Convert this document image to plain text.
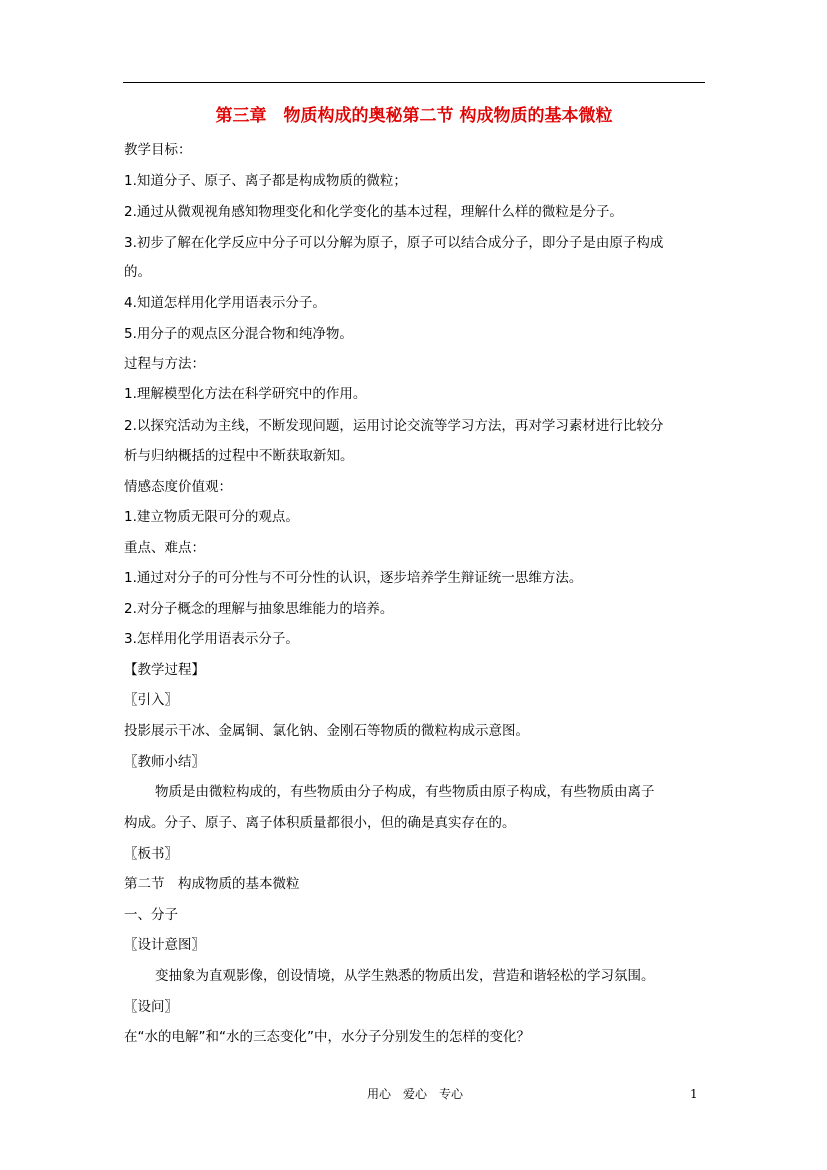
第三章　物质构成的奥秘第二节 构成物质的基本微粒
教学目标：
1.知道分子、原子、离子都是构成物质的微粒；
2.通过从微观视角感知物理变化和化学变化的基本过程，理解什么样的微粒是分子。
3.初步了解在化学反应中分子可以分解为原子，原子可以结合成分子，即分子是由原子构成
的。
4.知道怎样用化学用语表示分子。
5.用分子的观点区分混合物和纯净物。
过程与方法：
1.理解模型化方法在科学研究中的作用。
2.以探究活动为主线，不断发现问题，运用讨论交流等学习方法，再对学习素材进行比较分
析与归纳概括的过程中不断获取新知。
情感态度价值观：
1.建立物质无限可分的观点。
重点、难点：
1.通过对分子的可分性与不可分性的认识，逐步培养学生辩证统一思维方法。
2.对分子概念的理解与抽象思维能力的培养。
3.怎样用化学用语表示分子。
【教学过程】
〖引入〗
投影展示干冰、金属铜、氯化钠、金刚石等物质的微粒构成示意图。
〖教师小结〗
物质是由微粒构成的，有些物质由分子构成，有些物质由原子构成，有些物质由离子
构成。分子、原子、离子体积质量都很小，但的确是真实存在的。
〖板书〗
第二节　构成物质的基本微粒
一、分子
〖设计意图〗
变抽象为直观影像，创设情境，从学生熟悉的物质出发，营造和谐轻松的学习氛围。
〖设问〗
在“水的电解”和“水的三态变化”中，水分子分别发生的怎样的变化？
用心　爱心　专心	1
